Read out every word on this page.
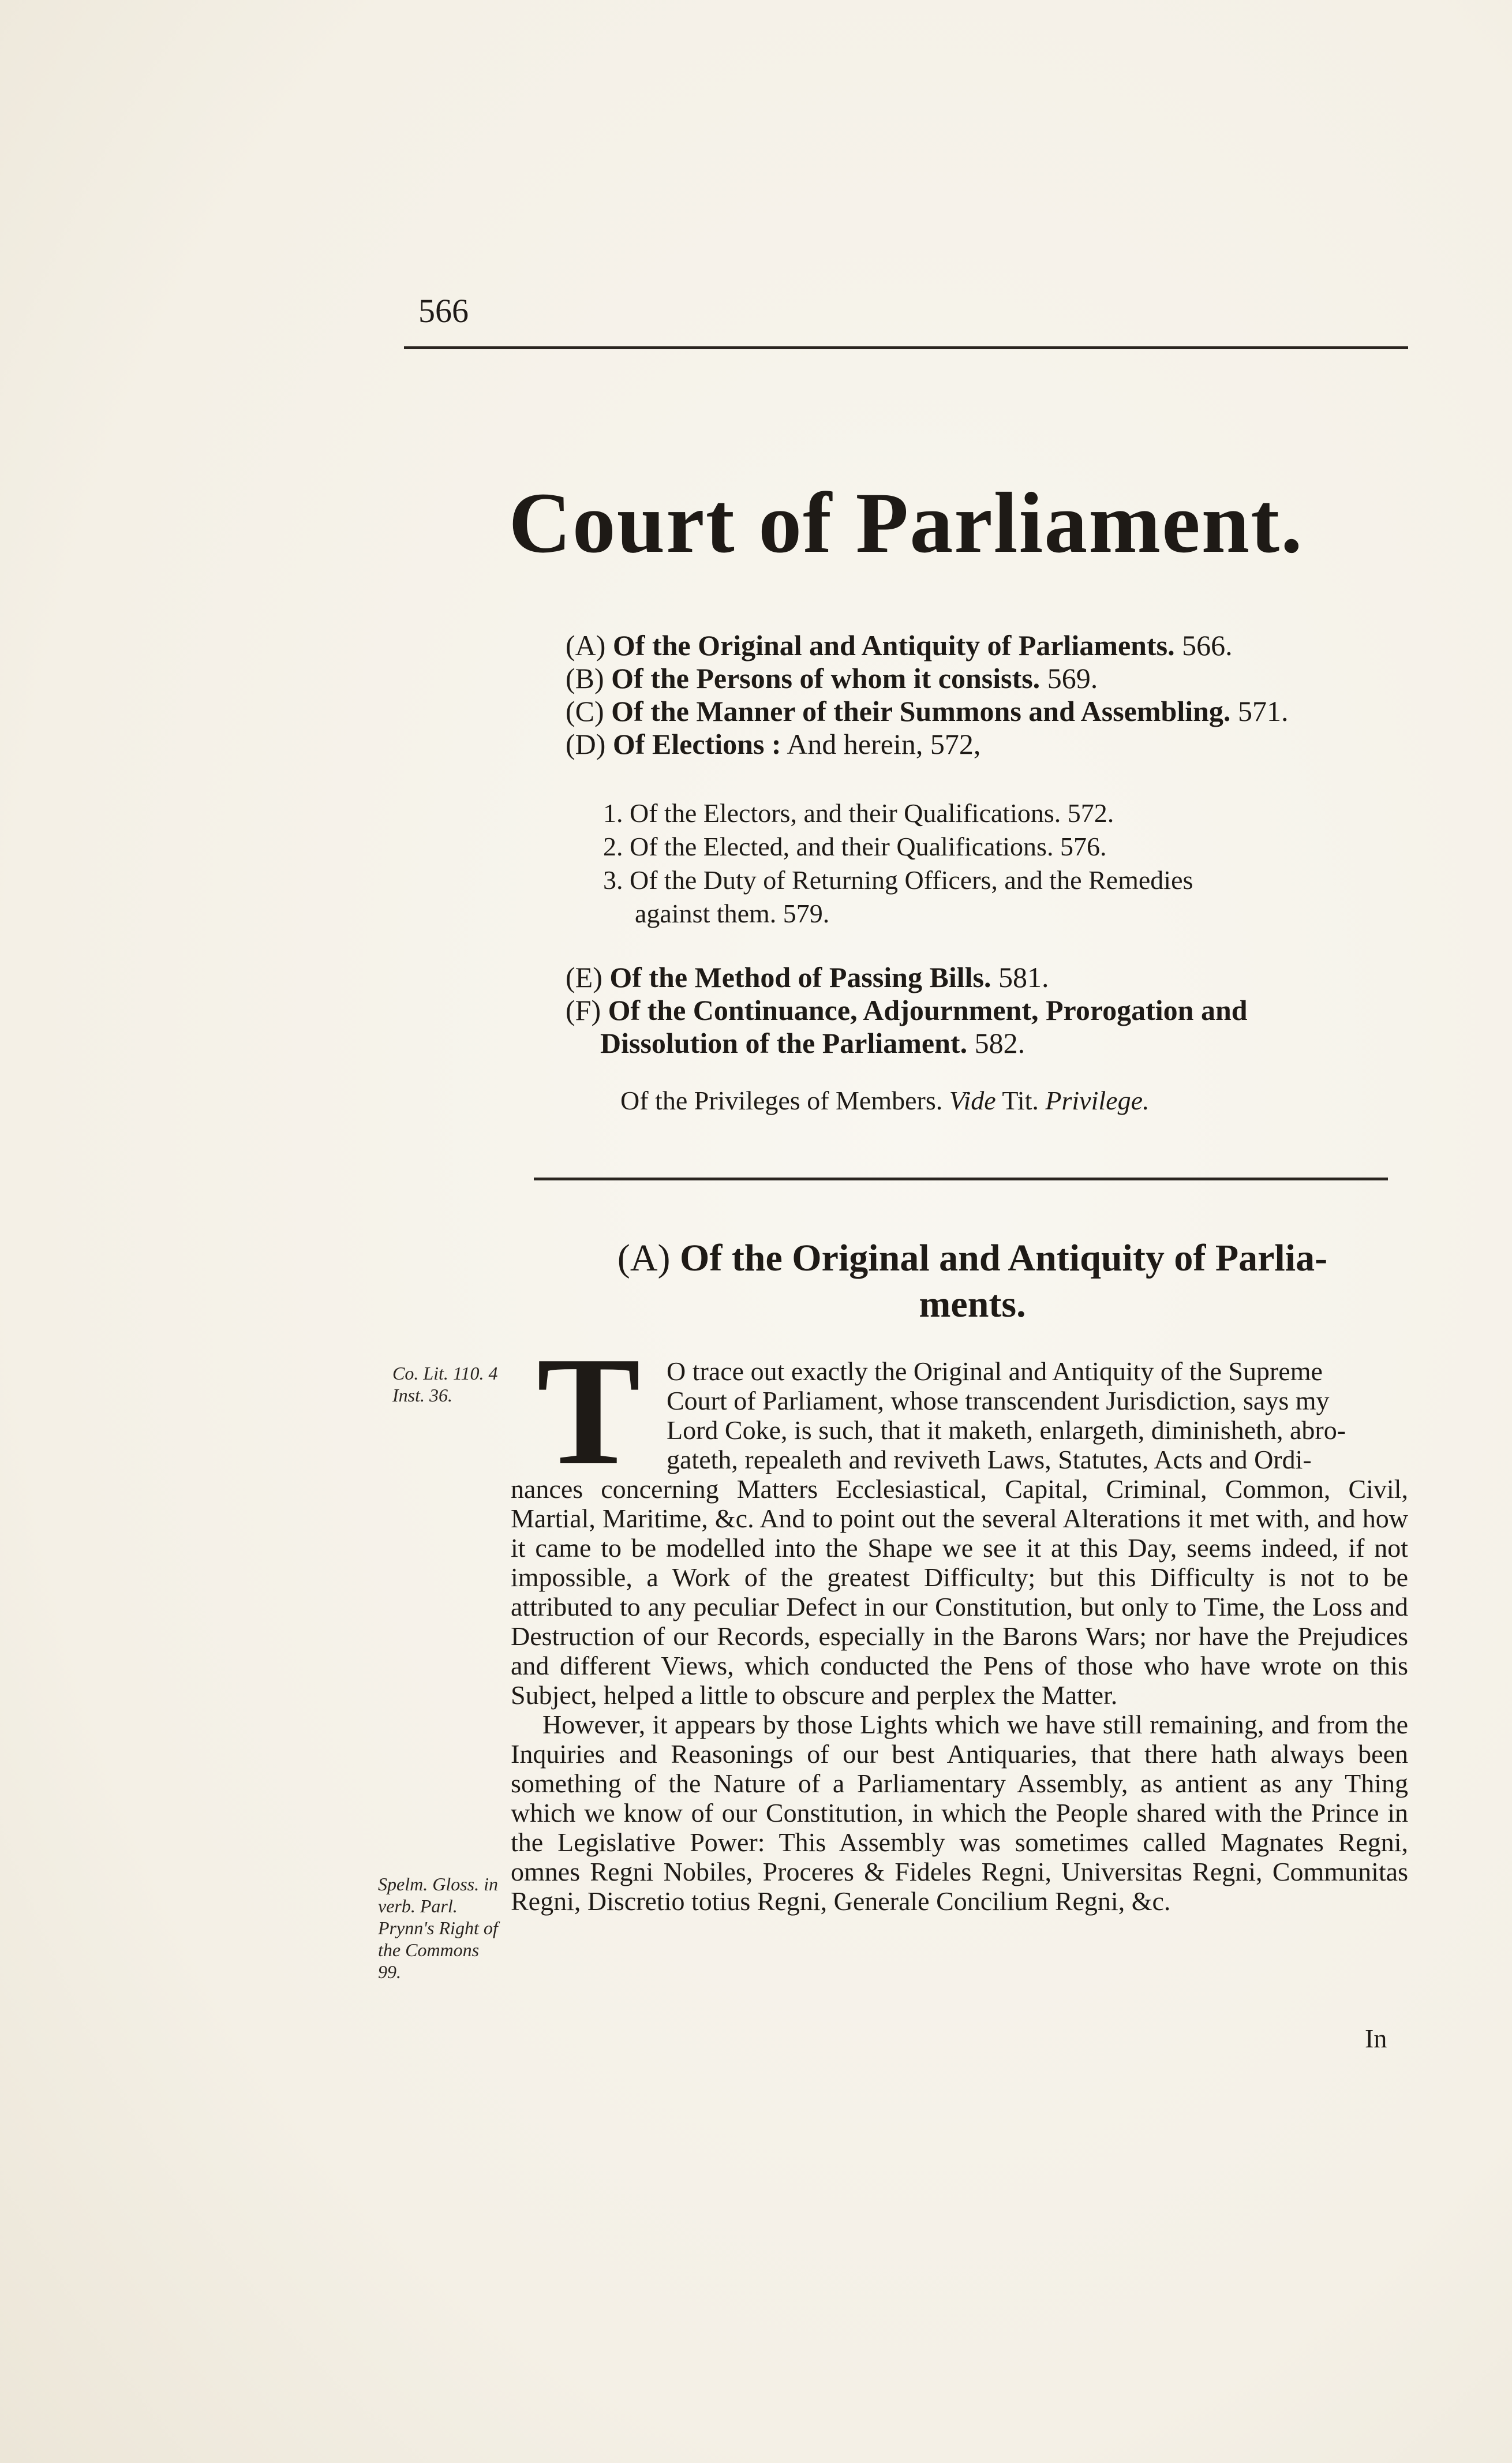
566
Court of Parliament.
(A) Of the Original and Antiquity of Parliaments. 566.
(B) Of the Persons of whom it consists. 569.
(C) Of the Manner of their Summons and Assembling. 571.
(D) Of Elections : And herein, 572,
1. Of the Electors, and their Qualifications. 572.
2. Of the Elected, and their Qualifications. 576.
3. Of the Duty of Returning Officers, and the Remedies
against them. 579.
(E) Of the Method of Passing Bills. 581.
(F) Of the Continuance, Adjournment, Prorogation and
Dissolution of the Parliament. 582.
Of the Privileges of Members. Vide Tit. Privilege.
(A) Of the Original and Antiquity of Parlia-
ments.
Co. Lit. 110. 4 Inst. 36.
Spelm. Gloss. in verb. Parl. Prynn's Right of the Commons 99.
T O trace out exactly the Original and Antiquity of the Supreme
Court of Parliament, whose transcendent Jurisdiction, says my
Lord Coke, is such, that it maketh, enlargeth, diminisheth, abro-
gateth, repealeth and reviveth Laws, Statutes, Acts and Ordi-
nances concerning Matters Ecclesiastical, Capital, Criminal, Common, Civil, Martial, Maritime, &c. And to point out the several Alterations it met with, and how it came to be modelled into the Shape we see it at this Day, seems indeed, if not impossible, a Work of the greatest Difficulty; but this Difficulty is not to be attributed to any peculiar Defect in our Constitution, but only to Time, the Loss and Destruction of our Records, especially in the Barons Wars; nor have the Prejudices and different Views, which conducted the Pens of those who have wrote on this Subject, helped a little to obscure and perplex the Matter.

However, it appears by those Lights which we have still remaining, and from the Inquiries and Reasonings of our best Antiquaries, that there hath always been something of the Nature of a Parliamentary Assembly, as antient as any Thing which we know of our Constitution, in which the People shared with the Prince in the Legislative Power: This Assembly was sometimes called Magnates Regni, omnes Regni Nobiles, Proceres & Fideles Regni, Universitas Regni, Communitas Regni, Discretio totius Regni, Generale Concilium Regni, &c.

In
